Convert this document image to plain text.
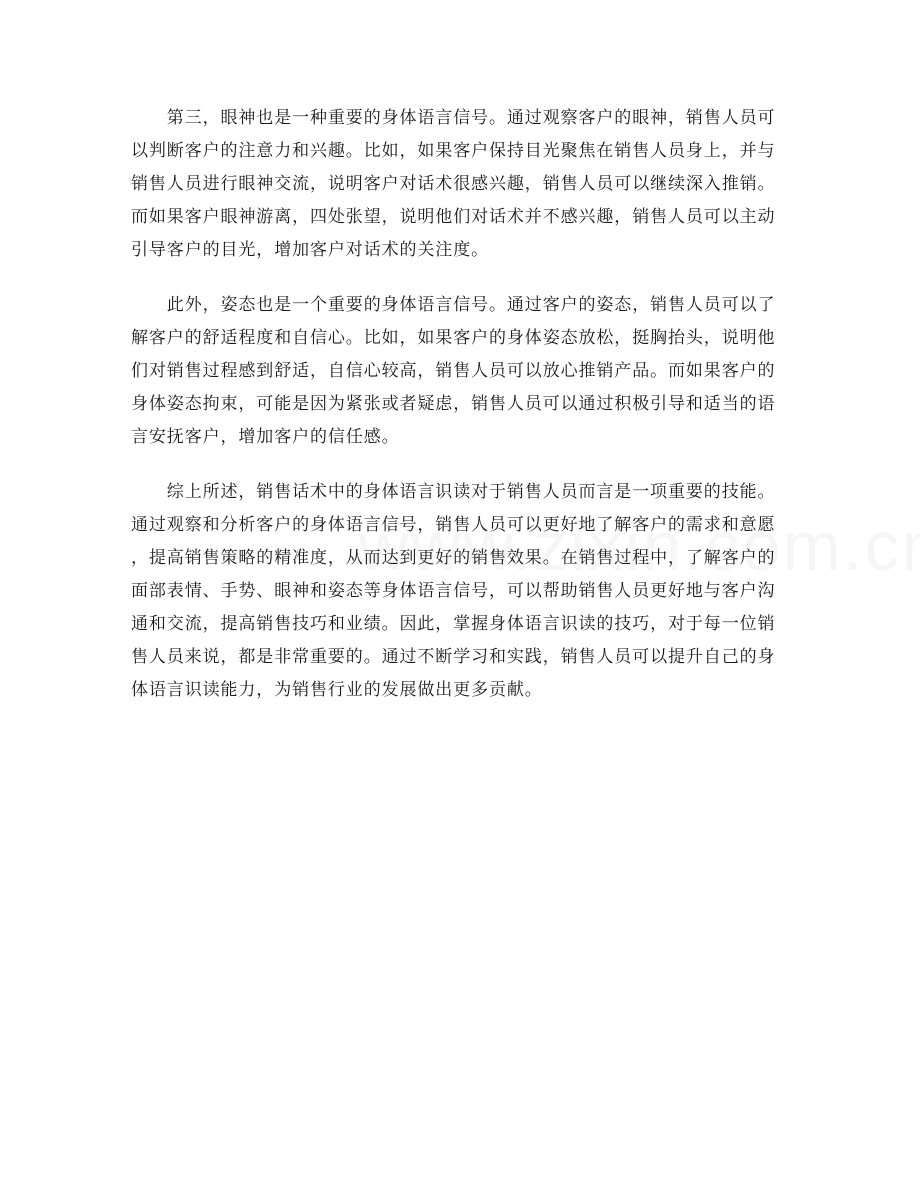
　　第三，眼神也是一种重要的身体语言信号。通过观察客户的眼神，销售人员可
以判断客户的注意力和兴趣。比如，如果客户保持目光聚焦在销售人员身上，并与
销售人员进行眼神交流，说明客户对话术很感兴趣，销售人员可以继续深入推销。
而如果客户眼神游离，四处张望，说明他们对话术并不感兴趣，销售人员可以主动
引导客户的目光，增加客户对话术的关注度。

　　此外，姿态也是一个重要的身体语言信号。通过客户的姿态，销售人员可以了
解客户的舒适程度和自信心。比如，如果客户的身体姿态放松，挺胸抬头，说明他
们对销售过程感到舒适，自信心较高，销售人员可以放心推销产品。而如果客户的
身体姿态拘束，可能是因为紧张或者疑虑，销售人员可以通过积极引导和适当的语
言安抚客户，增加客户的信任感。

　　综上所述，销售话术中的身体语言识读对于销售人员而言是一项重要的技能。
通过观察和分析客户的身体语言信号，销售人员可以更好地了解客户的需求和意愿
，提高销售策略的精准度，从而达到更好的销售效果。在销售过程中，了解客户的
面部表情、手势、眼神和姿态等身体语言信号，可以帮助销售人员更好地与客户沟
通和交流，提高销售技巧和业绩。因此，掌握身体语言识读的技巧，对于每一位销
售人员来说，都是非常重要的。通过不断学习和实践，销售人员可以提升自己的身
体语言识读能力，为销售行业的发展做出更多贡献。
